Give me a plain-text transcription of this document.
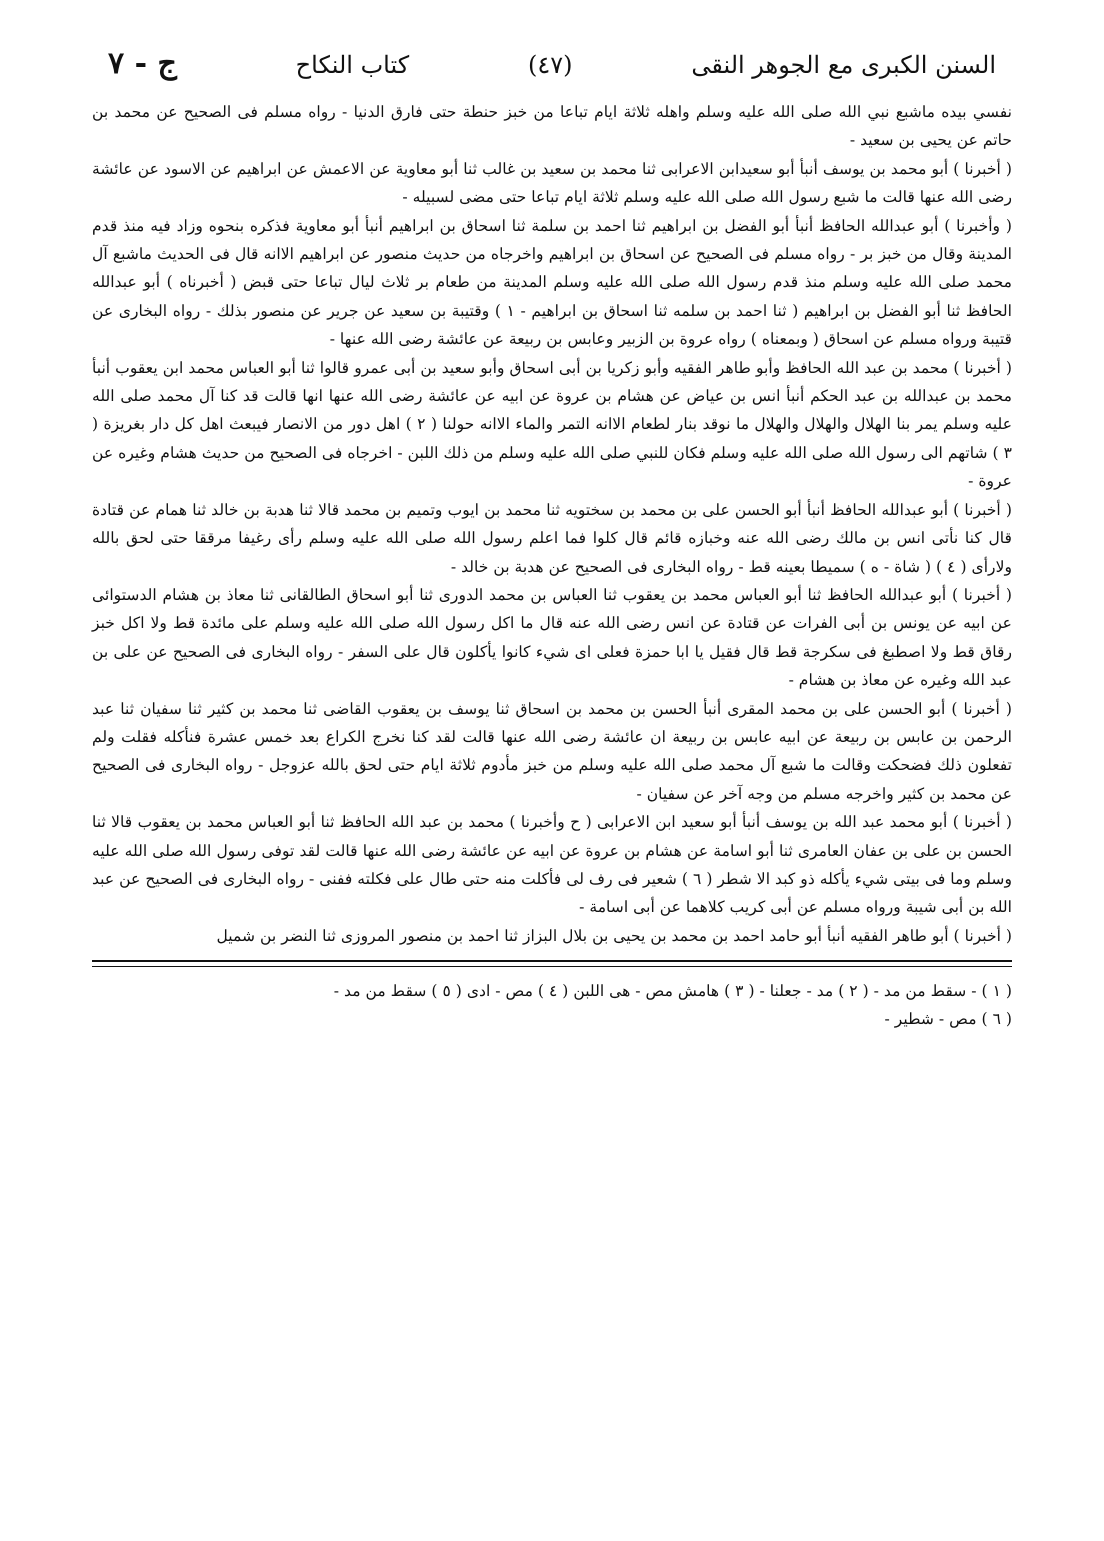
السنن الكبرى مع الجوهر النقى
(٤٧)
كتاب النكاح
ج - ٧

نفسي بيده ماشبع نبي الله صلى الله عليه وسلم واهله ثلاثة ايام تباعا من خبز حنطة حتى فارق الدنيا - رواه مسلم فى الصحيح عن محمد بن حاتم عن يحيى بن سعيد -

( أخبرنا ) أبو محمد بن يوسف أنبأ أبو سعيدابن الاعرابى ثنا محمد بن سعيد بن غالب ثنا أبو معاوية عن الاعمش عن ابراهيم عن الاسود عن عائشة رضى الله عنها قالت ما شبع رسول الله صلى الله عليه وسلم ثلاثة ايام تباعا حتى مضى لسبيله -

( وأخبرنا ) أبو عبدالله الحافظ أنبأ أبو الفضل بن ابراهيم ثنا احمد بن سلمة ثنا اسحاق بن ابراهيم أنبأ أبو معاوية فذكره بنحوه وزاد فيه منذ قدم المدينة وقال من خبز بر - رواه مسلم فى الصحيح عن اسحاق بن ابراهيم واخرجاه من حديث منصور عن ابراهيم الاانه قال فى الحديث ماشبع آل محمد صلى الله عليه وسلم منذ قدم رسول الله صلى الله عليه وسلم المدينة من طعام بر ثلاث ليال تباعا حتى قبض ( أخبرناه ) أبو عبدالله الحافظ ثنا أبو الفضل بن ابراهيم ( ثنا احمد بن سلمه ثنا اسحاق بن ابراهيم - ١ ) وقتيبة بن سعيد عن جرير عن منصور بذلك - رواه البخارى عن قتيبة ورواه مسلم عن اسحاق ( وبمعناه ) رواه عروة بن الزبير وعابس بن ربيعة عن عائشة رضى الله عنها -

( أخبرنا ) محمد بن عبد الله الحافظ وأبو طاهر الفقيه وأبو زكريا بن أبى اسحاق وأبو سعيد بن أبى عمرو قالوا ثنا أبو العباس محمد ابن يعقوب أنبأ محمد بن عبدالله بن عبد الحكم أنبأ انس بن عياض عن هشام بن عروة عن ابيه عن عائشة رضى الله عنها انها قالت قد كنا آل محمد صلى الله عليه وسلم يمر بنا الهلال والهلال والهلال ما نوقد بنار لطعام الاانه التمر والماء الاانه حولنا ( ٢ ) اهل دور من الانصار فيبعث اهل كل دار بغريزة ( ٣ ) شاتهم الى رسول الله صلى الله عليه وسلم فكان للنبي صلى الله عليه وسلم من ذلك اللبن - اخرجاه فى الصحيح من حديث هشام وغيره عن عروة -

( أخبرنا ) أبو عبدالله الحافظ أنبأ أبو الحسن على بن محمد بن سختويه ثنا محمد بن ايوب وتميم بن محمد قالا ثنا هدبة بن خالد ثنا همام عن قتادة قال كنا نأتى انس بن مالك رضى الله عنه وخبازه قائم قال كلوا فما اعلم رسول الله صلى الله عليه وسلم رأى رغيفا مرققا حتى لحق بالله ولارأى ( ٤ ) ( شاة - ه ) سميطا بعينه قط - رواه البخارى فى الصحيح عن هدبة بن خالد -

( أخبرنا ) أبو عبدالله الحافظ ثنا أبو العباس محمد بن يعقوب ثنا العباس بن محمد الدورى ثنا أبو اسحاق الطالقانى ثنا معاذ بن هشام الدستوائى عن ابيه عن يونس بن أبى الفرات عن قتادة عن انس رضى الله عنه قال ما اكل رسول الله صلى الله عليه وسلم على مائدة قط ولا اكل خبز رقاق قط ولا اصطبغ فى سكرجة قط قال فقيل يا ابا حمزة فعلى اى شيء كانوا يأكلون قال على السفر - رواه البخارى فى الصحيح عن على بن عبد الله وغيره عن معاذ بن هشام -

( أخبرنا ) أبو الحسن على بن محمد المقرى أنبأ الحسن بن محمد بن اسحاق ثنا يوسف بن يعقوب القاضى ثنا محمد بن كثير ثنا سفيان ثنا عبد الرحمن بن عابس بن ربيعة عن ابيه عابس بن ربيعة ان عائشة رضى الله عنها قالت لقد كنا نخرج الكراع بعد خمس عشرة فنأكله فقلت ولم تفعلون ذلك فضحكت وقالت ما شبع آل محمد صلى الله عليه وسلم من خبز مأدوم ثلاثة ايام حتى لحق بالله عزوجل - رواه البخارى فى الصحيح عن محمد بن كثير واخرجه مسلم من وجه آخر عن سفيان -

( أخبرنا ) أبو محمد عبد الله بن يوسف أنبأ أبو سعيد ابن الاعرابى ( ح وأخبرنا ) محمد بن عبد الله الحافظ ثنا أبو العباس محمد بن يعقوب قالا ثنا الحسن بن على بن عفان العامرى ثنا أبو اسامة عن هشام بن عروة عن ابيه عن عائشة رضى الله عنها قالت لقد توفى رسول الله صلى الله عليه وسلم وما فى بيتى شيء يأكله ذو كبد الا شطر ( ٦ ) شعير فى رف لى فأكلت منه حتى طال على فكلته ففنى - رواه البخارى فى الصحيح عن عبد الله بن أبى شيبة ورواه مسلم عن أبى كريب كلاهما عن أبى اسامة -

( أخبرنا ) أبو طاهر الفقيه أنبأ أبو حامد احمد بن محمد بن يحيى بن بلال البزاز ثنا احمد بن منصور المروزى ثنا النضر بن شميل

( ١ ) - سقط من مد - ( ٢ ) مد - جعلنا - ( ٣ ) هامش مص - هى اللبن ( ٤ ) مص - ادى ( ٥ ) سقط من مد -

( ٦ ) مص - شطير -
